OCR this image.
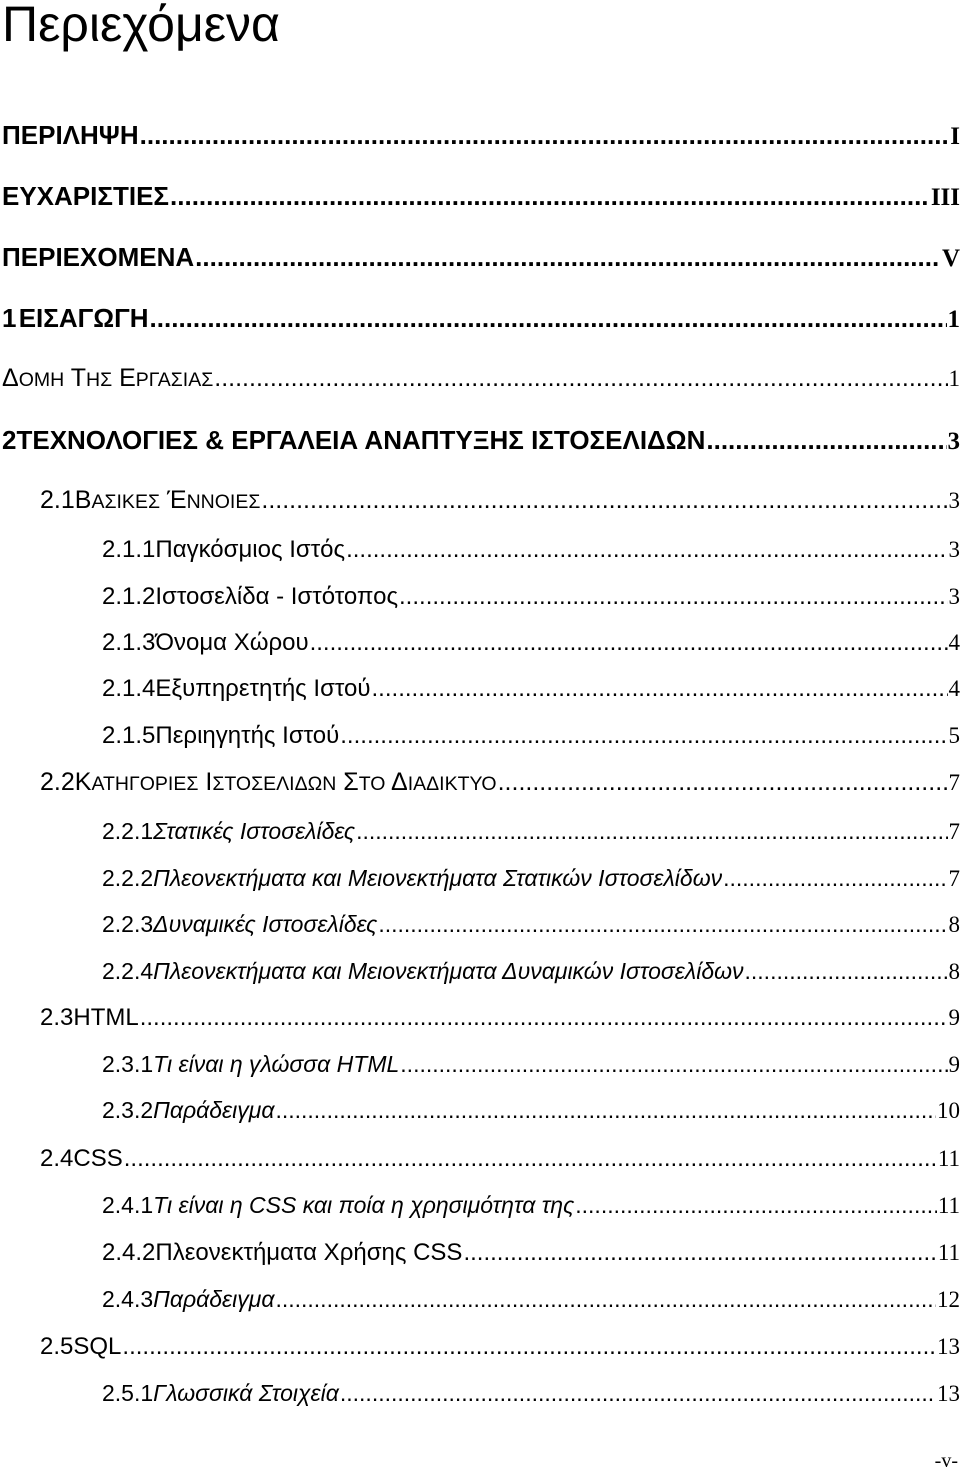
Περιεχόμενα
ΠΕΡΙΛΗΨΗ .....	I
ΕΥΧΑΡΙΣΤΙΕΣ .....	III
ΠΕΡΙΕΧΟΜΕΝΑ .....	V
1 ΕΙΣΑΓΩΓΗ .....	1
ΔΟΜΗ ΤΗΣ ΕΡΓΑΣΙΑΣ .....	1
2 ΤΕΧΝΟΛΟΓΙΕΣ & ΕΡΓΑΛΕΙΑ ΑΝΑΠΤΥΞΗΣ ΙΣΤΟΣΕΛΙΔΩΝ .....	3
2.1 ΒΑΣΙΚΕΣ ΈΝΝΟΙΕΣ .....	3
2.1.1 Παγκόσμιος Ιστός .....	3
2.1.2 Ιστοσελίδα - Ιστότοπος .....	3
2.1.3 Όνομα Χώρου .....	4
2.1.4 Εξυπηρετητής Ιστού .....	4
2.1.5 Περιηγητής Ιστού .....	5
2.2 ΚΑΤΗΓΟΡΙΕΣ ΙΣΤΟΣΕΛΙΔΩΝ ΣΤΟ ΔΙΑΔΙΚΤΥΟ .....	7
2.2.1 Στατικές Ιστοσελίδες .....	7
2.2.2 Πλεονεκτήματα και Μειονεκτήματα Στατικών Ιστοσελίδων .....	7
2.2.3 Δυναμικές Ιστοσελίδες .....	8
2.2.4 Πλεονεκτήματα και Μειονεκτήματα Δυναμικών Ιστοσελίδων .....	8
2.3 HTML .....	9
2.3.1 Τι είναι η γλώσσα HTML .....	9
2.3.2 Παράδειγμα .....	10
2.4 CSS .....	11
2.4.1 Τι είναι η CSS και ποία η χρησιμότητα της .....	11
2.4.2 Πλεονεκτήματα Χρήσης CSS .....	11
2.4.3 Παράδειγμα .....	12
2.5 SQL .....	13
2.5.1 Γλωσσικά Στοιχεία .....	13
-v-
